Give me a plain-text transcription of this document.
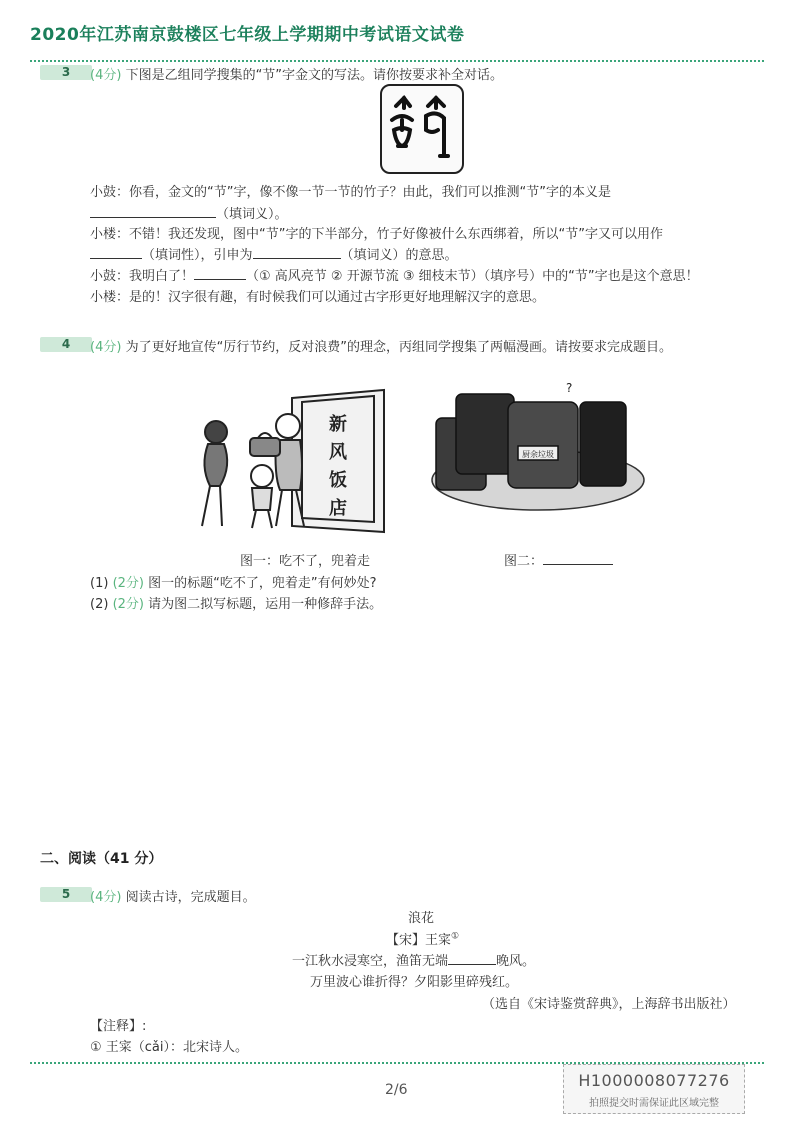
2020年江苏南京鼓楼区七年级上学期期中考试语文试卷
3	(4分) 下图是乙组同学搜集的“节”字金文的写法。请你按要求补全对话。
小鼓：你看，金文的“节”字，像不像一节一节的竹子？由此，我们可以推测“节”字的本义是
（填词义）。
小楼：不错！我还发现，图中“节”字的下半部分，竹子好像被什么东西绑着，所以“节”字又可以用作
（填词性），引申为	（填词义）的意思。
小鼓：我明白了！	（① 高风亮节 ② 开源节流 ③ 细枝末节）（填序号）中的“节”字也是这个意思！
小楼：是的！汉字很有趣，有时候我们可以通过古字形更好地理解汉字的意思。
4	(4分) 为了更好地宣传“厉行节约，反对浪费”的理念，丙组同学搜集了两幅漫画。请按要求完成题目。
新
风
饭
店
厨余垃圾
?
图一：吃不了，兜着走	图二：
(1) (2分) 图一的标题“吃不了，兜着走”有何妙处?
(2) (2分) 请为图二拟写标题，运用一种修辞手法。
二、阅读（41 分）
5	(4分) 阅读古诗，完成题目。
浪花
【宋】王寀①
一江秋水浸寒空，渔笛无端	晚风。
万里波心谁折得？夕阳影里碎残红。
（选自《宋诗鉴赏辞典》，上海辞书出版社）
【注释】:
① 王寀（cǎi）：北宋诗人。
2/6	H1000008077276
拍照提交时需保证此区域完整
